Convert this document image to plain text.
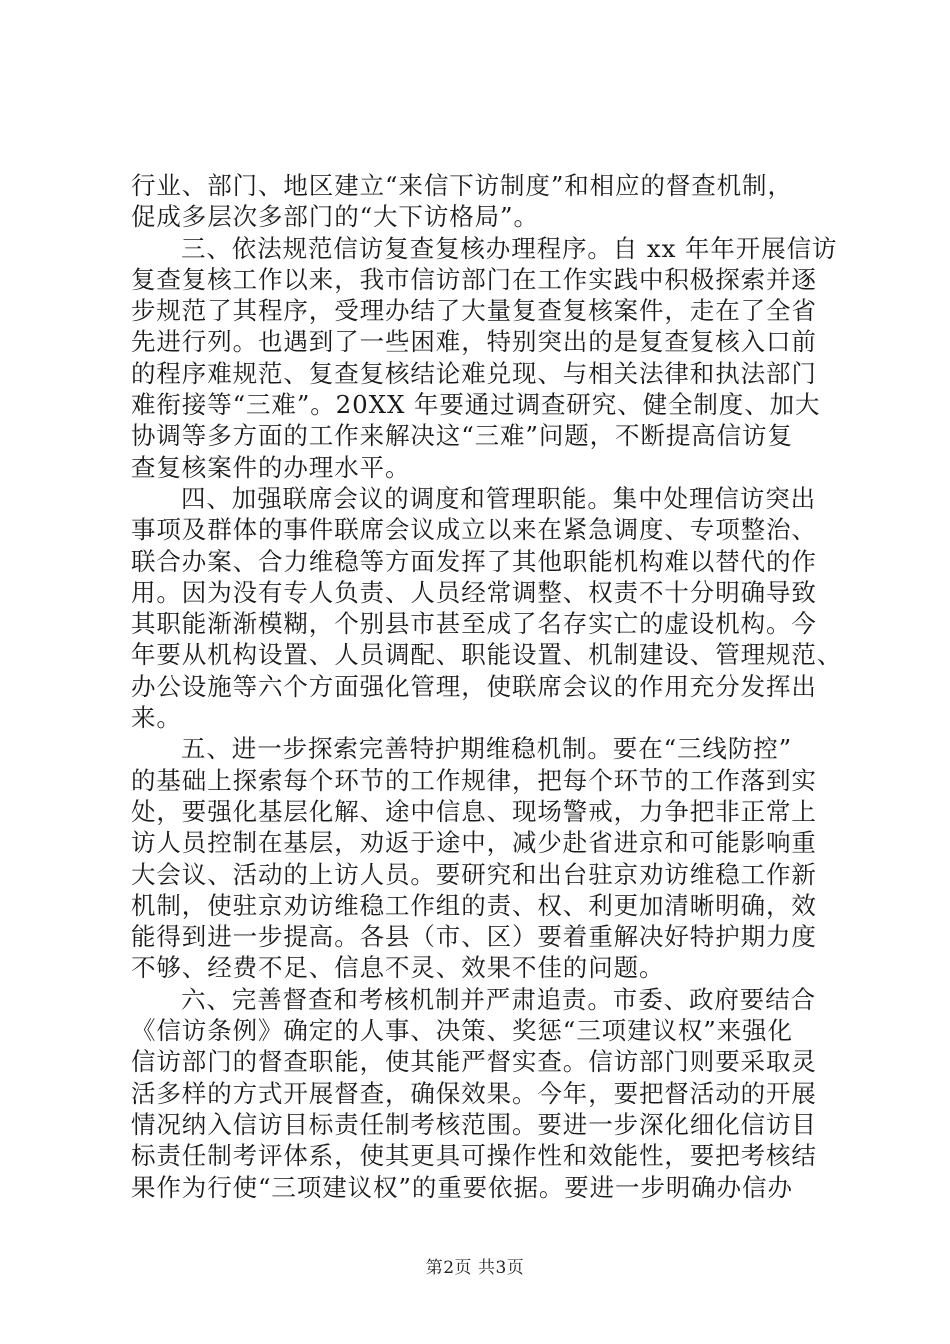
行业、部门、地区建立“来信下访制度”和相应的督查机制，
促成多层次多部门的“大下访格局”。
三、依法规范信访复查复核办理程序。自 xx 年年开展信访
复查复核工作以来，我市信访部门在工作实践中积极探索并逐
步规范了其程序，受理办结了大量复查复核案件，走在了全省
先进行列。也遇到了一些困难，特别突出的是复查复核入口前
的程序难规范、复查复核结论难兑现、与相关法律和执法部门
难衔接等“三难”。20XX 年要通过调查研究、健全制度、加大
协调等多方面的工作来解决这“三难”问题，不断提高信访复
查复核案件的办理水平。
四、加强联席会议的调度和管理职能。集中处理信访突出
事项及群体的事件联席会议成立以来在紧急调度、专项整治、
联合办案、合力维稳等方面发挥了其他职能机构难以替代的作
用。因为没有专人负责、人员经常调整、权责不十分明确导致
其职能渐渐模糊，个别县市甚至成了名存实亡的虚设机构。今
年要从机构设置、人员调配、职能设置、机制建设、管理规范、
办公设施等六个方面强化管理，使联席会议的作用充分发挥出
来。
五、进一步探索完善特护期维稳机制。要在“三线防控”
的基础上探索每个环节的工作规律，把每个环节的工作落到实
处，要强化基层化解、途中信息、现场警戒，力争把非正常上
访人员控制在基层，劝返于途中，减少赴省进京和可能影响重
大会议、活动的上访人员。要研究和出台驻京劝访维稳工作新
机制，使驻京劝访维稳工作组的责、权、利更加清晰明确，效
能得到进一步提高。各县（市、区）要着重解决好特护期力度
不够、经费不足、信息不灵、效果不佳的问题。
六、完善督查和考核机制并严肃追责。市委、政府要结合
《信访条例》确定的人事、决策、奖惩“三项建议权”来强化
信访部门的督查职能，使其能严督实查。信访部门则要采取灵
活多样的方式开展督查，确保效果。今年，要把督活动的开展
情况纳入信访目标责任制考核范围。要进一步深化细化信访目
标责任制考评体系，使其更具可操作性和效能性，要把考核结
果作为行使“三项建议权”的重要依据。要进一步明确办信办
第2页 共3页
